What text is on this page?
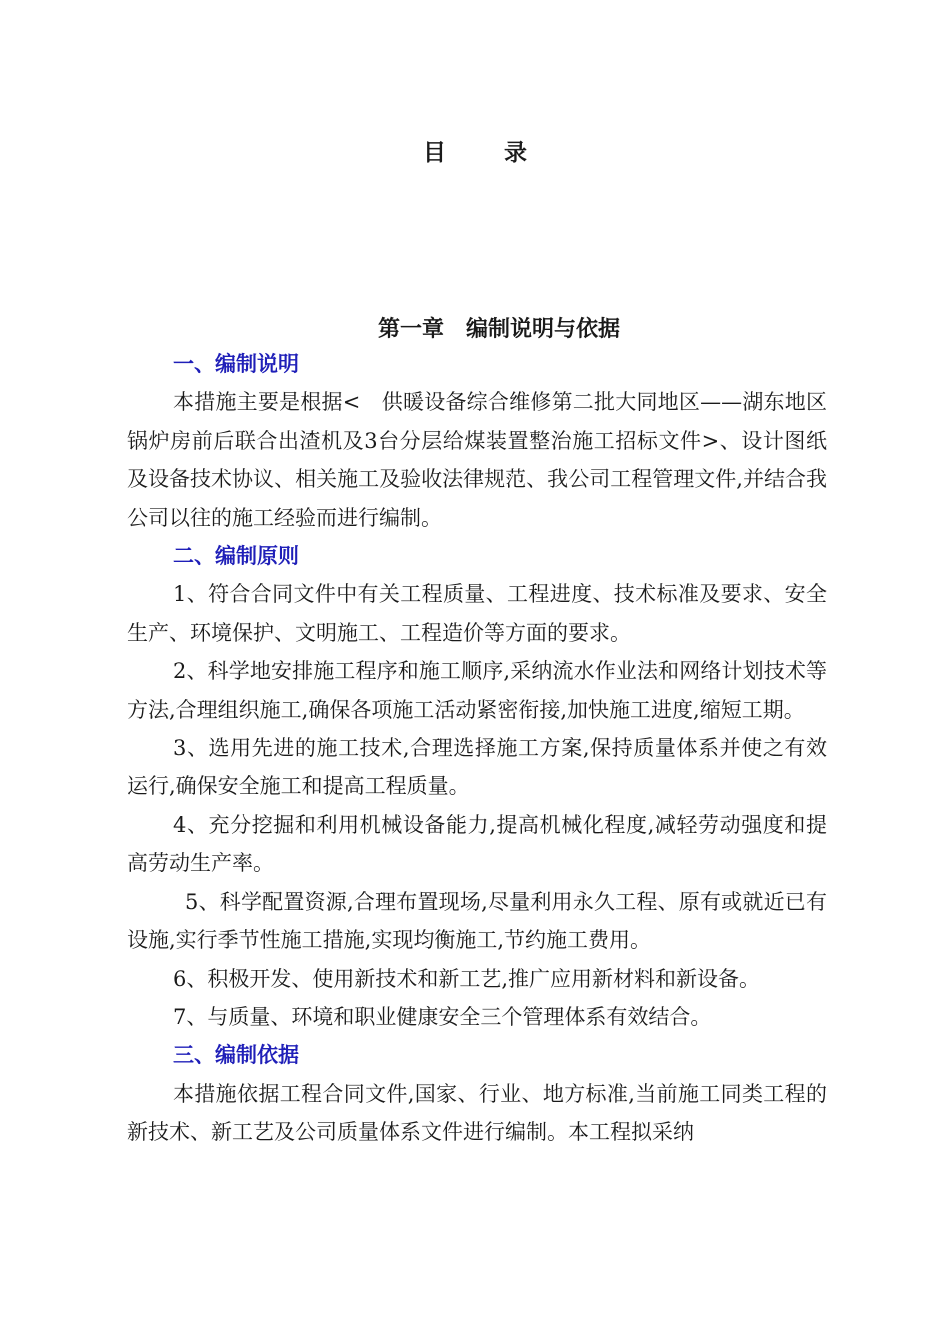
目录
第一章　编制说明与依据

一、编制说明

本措施主要是根据<　供暖设备综合维修第二批大同地区——湖东地区锅炉房前后联合出渣机及3台分层给煤装置整治施工招标文件>、设计图纸及设备技术协议、相关施工及验收法律规范、我公司工程管理文件,并结合我公司以往的施工经验而进行编制。

二、编制原则

1、符合合同文件中有关工程质量、工程进度、技术标准及要求、安全生产、环境保护、文明施工、工程造价等方面的要求。

2、科学地安排施工程序和施工顺序,采纳流水作业法和网络计划技术等方法,合理组织施工,确保各项施工活动紧密衔接,加快施工进度,缩短工期。

3、选用先进的施工技术,合理选择施工方案,保持质量体系并使之有效运行,确保安全施工和提高工程质量。

4、充分挖掘和利用机械设备能力,提高机械化程度,减轻劳动强度和提高劳动生产率。

5、科学配置资源,合理布置现场,尽量利用永久工程、原有或就近已有设施,实行季节性施工措施,实现均衡施工,节约施工费用。

6、积极开发、使用新技术和新工艺,推广应用新材料和新设备。

7、与质量、环境和职业健康安全三个管理体系有效结合。

三、编制依据

本措施依据工程合同文件,国家、行业、地方标准,当前施工同类工程的新技术、新工艺及公司质量体系文件进行编制。本工程拟采纳
